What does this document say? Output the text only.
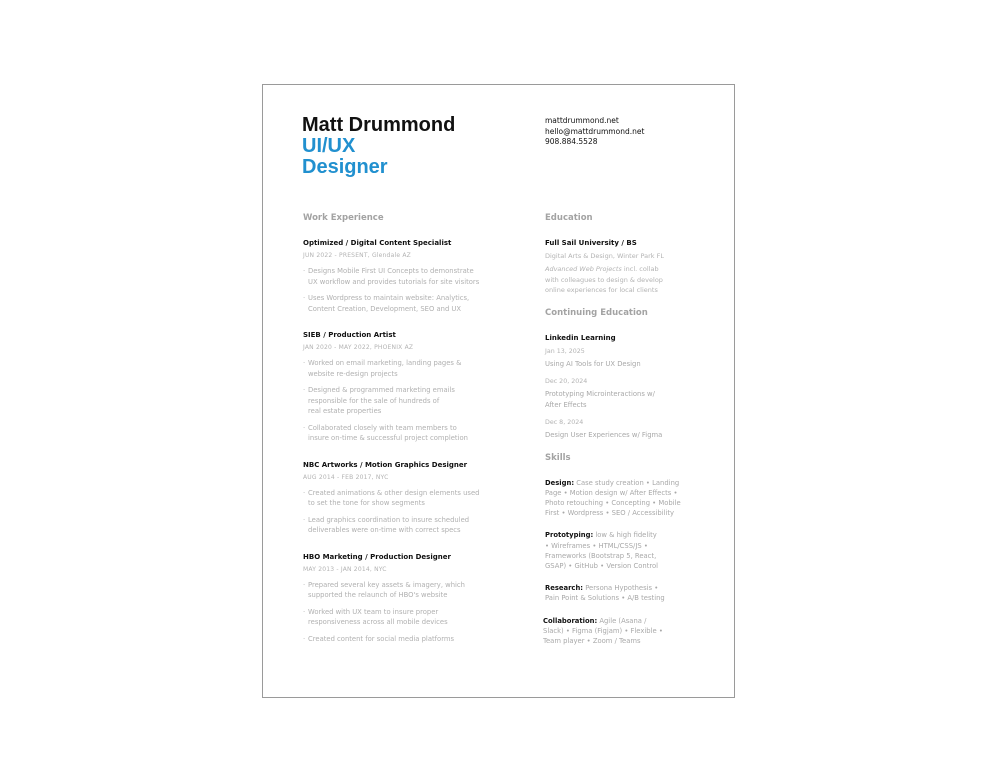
Matt Drummond
UI/UX
Designer
mattdrummond.net
hello@mattdrummond.net
908.884.5528
Work Experience
Optimized / Digital Content Specialist
JUN 2022 - PRESENT, Glendale AZ
· Designs Mobile First UI Concepts to demonstrate
UX workflow and provides tutorials for site visitors
· Uses Wordpress to maintain website: Analytics,
Content Creation, Development, SEO and UX
SIEB / Production Artist
JAN 2020 - MAY 2022, PHOENIX AZ
· Worked on email marketing, landing pages &
website re-design projects
· Designed & programmed marketing emails
responsible for the sale of hundreds of
real estate properties
· Collaborated closely with team members to
insure on-time & successful project completion
NBC Artworks / Motion Graphics Designer
AUG 2014 - FEB 2017, NYC
· Created animations & other design elements used
to set the tone for show segments
· Lead graphics coordination to insure scheduled
deliverables were on-time with correct specs
HBO Marketing / Production Designer
MAY 2013 - JAN 2014, NYC
· Prepared several key assets & imagery, which
supported the relaunch of HBO's website
· Worked with UX team to insure proper
responsiveness across all mobile devices
· Created content for social media platforms
Education
Full Sail University / BS
Digital Arts & Design, Winter Park FL
Advanced Web Projects incl. collab
with colleagues to design & develop
online experiences for local clients
Continuing Education
Linkedin Learning
Jan 13, 2025
Using AI Tools for UX Design
Dec 20, 2024
Prototyping Microinteractions w/
After Effects
Dec 8, 2024
Design User Experiences w/ Figma
Skills
Design: Case study creation • Landing
Page • Motion design w/ After Effects •
Photo retouching • Concepting • Mobile
First • Wordpress • SEO / Accessibility
Prototyping: low & high fidelity
• Wireframes • HTML/CSS/JS •
Frameworks (Bootstrap 5, React,
GSAP) • GitHub • Version Control
Research: Persona Hypothesis •
Pain Point & Solutions • A/B testing
Collaboration: Agile (Asana /
Slack) • Figma (Figjam) • Flexible •
Team player • Zoom / Teams
